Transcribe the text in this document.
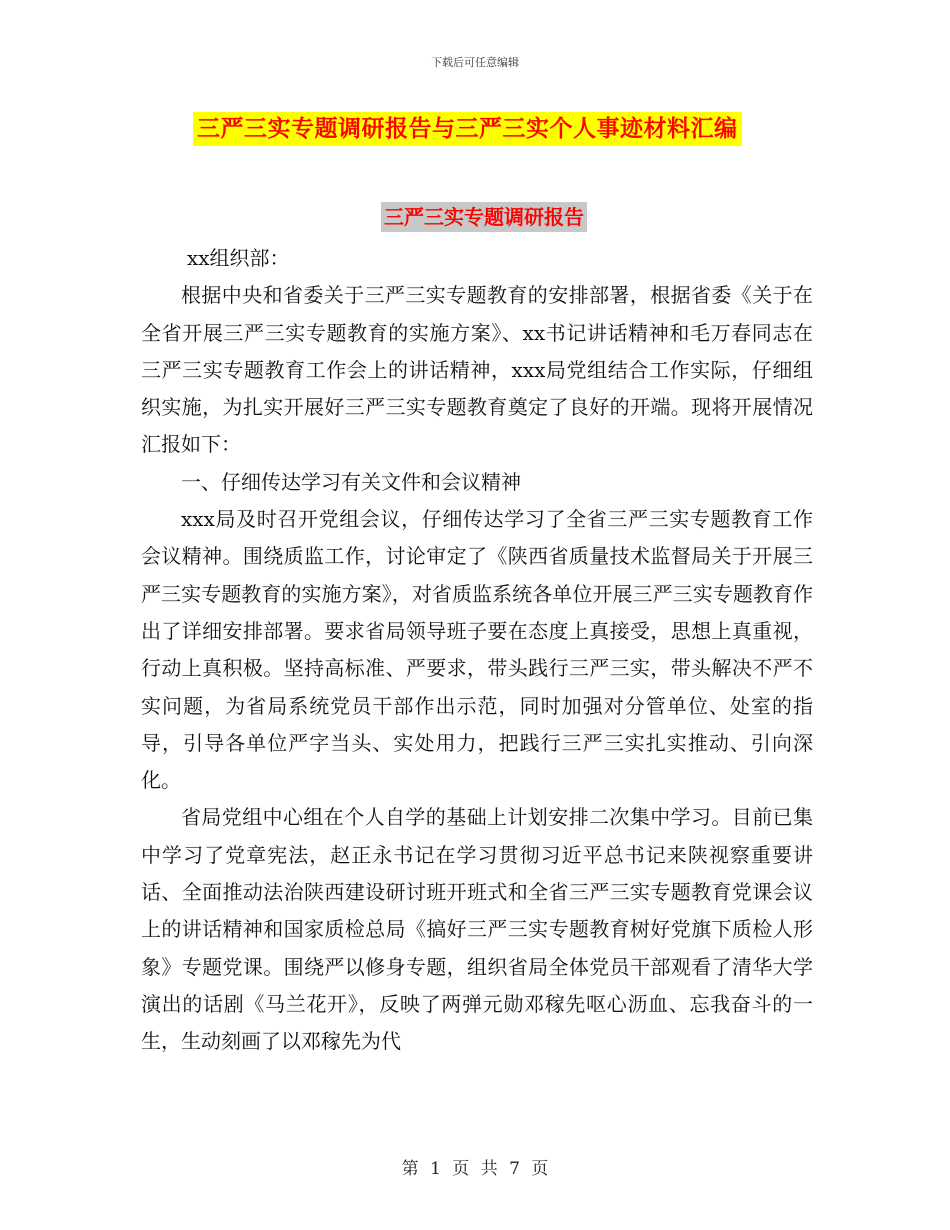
下载后可任意编辑
三严三实专题调研报告与三严三实个人事迹材料汇编
三严三实专题调研报告

xx组织部：

根据中央和省委关于三严三实专题教育的安排部署，根据省委《关于在全省开展三严三实专题教育的实施方案》、xx书记讲话精神和毛万春同志在三严三实专题教育工作会上的讲话精神，xxx局党组结合工作实际，仔细组织实施，为扎实开展好三严三实专题教育奠定了良好的开端。现将开展情况汇报如下：

一、仔细传达学习有关文件和会议精神

xxx局及时召开党组会议，仔细传达学习了全省三严三实专题教育工作会议精神。围绕质监工作，讨论审定了《陕西省质量技术监督局关于开展三严三实专题教育的实施方案》，对省质监系统各单位开展三严三实专题教育作出了详细安排部署。要求省局领导班子要在态度上真接受，思想上真重视，行动上真积极。坚持高标准、严要求，带头践行三严三实，带头解决不严不实问题，为省局系统党员干部作出示范，同时加强对分管单位、处室的指导，引导各单位严字当头、实处用力，把践行三严三实扎实推动、引向深化。

省局党组中心组在个人自学的基础上计划安排二次集中学习。目前已集中学习了党章宪法，赵正永书记在学习贯彻习近平总书记来陕视察重要讲话、全面推动法治陕西建设研讨班开班式和全省三严三实专题教育党课会议上的讲话精神和国家质检总局《搞好三严三实专题教育树好党旗下质检人形象》专题党课。围绕严以修身专题，组织省局全体党员干部观看了清华大学演出的话剧《马兰花开》，反映了两弹元勋邓稼先呕心沥血、忘我奋斗的一生，生动刻画了以邓稼先为代

第 1 页 共 7 页
